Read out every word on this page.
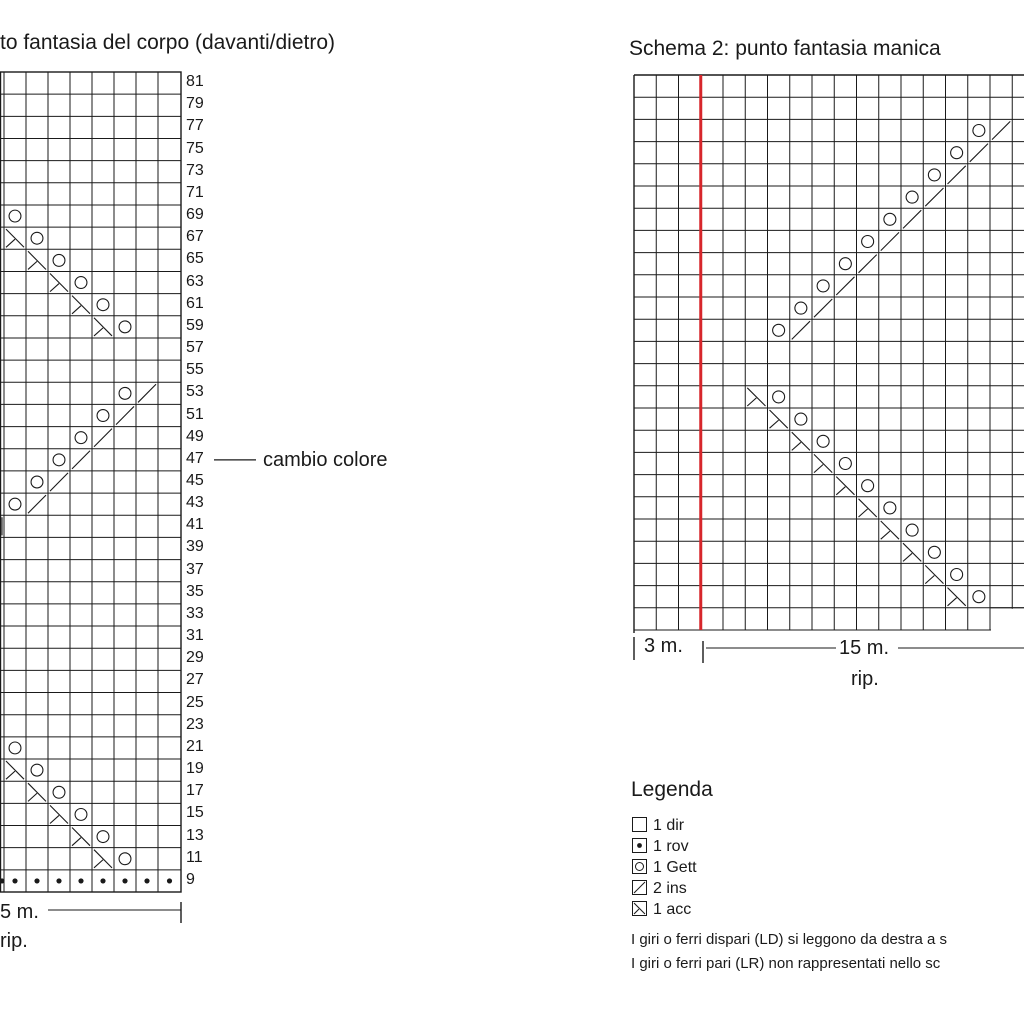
to fantasia del corpo (davanti/dietro)
81
79
77
75
73
71
69
67
65
63
61
59
57
55
53
51
49
47
45
43
41
39
37
35
33
31
29
27
25
23
21
19
17
15
13
11
9
cambio colore
5 m.
rip.
Schema 2: punto fantasia manica
3 m.	15 m.
rip.
Legenda
1 dir
1 rov
1 Gett
2 ins
1 acc
I giri o ferri dispari (LD) si leggono da destra a s
I giri o ferri pari (LR) non rappresentati nello sc
